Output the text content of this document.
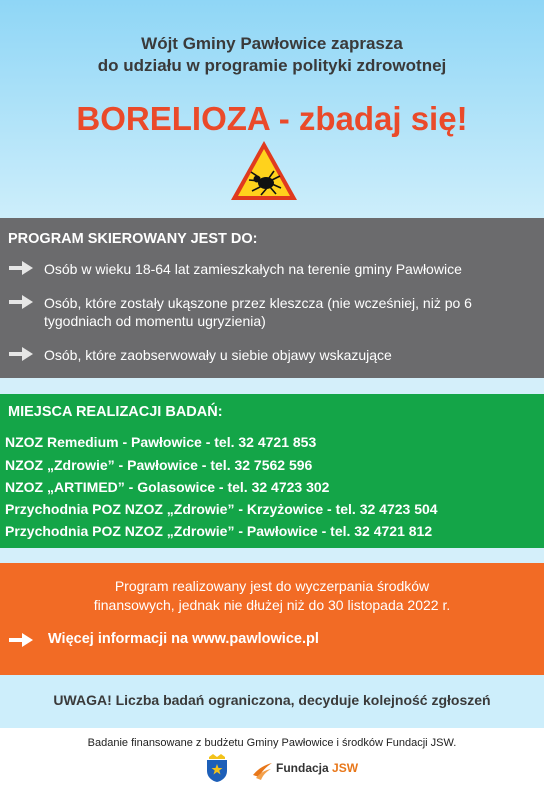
Wójt Gminy Pawłowice zaprasza
do udziału w programie polityki zdrowotnej
BORELIOZA - zbadaj się!
PROGRAM SKIEROWANY JEST DO:
Osób w wieku 18-64 lat zamieszkałych na terenie gminy Pawłowice
Osób, które zostały ukąszone przez kleszcza (nie wcześniej, niż po 6 tygodniach od momentu ugryzienia)
Osób, które zaobserwowały u siebie objawy wskazujące
MIEJSCA REALIZACJI BADAŃ:
NZOZ Remedium - Pawłowice - tel. 32 4721 853
NZOZ „Zdrowie” - Pawłowice - tel. 32 7562 596
NZOZ „ARTIMED” - Golasowice - tel. 32 4723 302
Przychodnia POZ NZOZ „Zdrowie” - Krzyżowice - tel. 32 4723 504
Przychodnia POZ NZOZ „Zdrowie” - Pawłowice - tel. 32 4721 812
Program realizowany jest do wyczerpania środków
finansowych, jednak nie dłużej niż do 30 listopada 2022 r.
Więcej informacji na www.pawlowice.pl
UWAGA! Liczba badań ograniczona, decyduje kolejność zgłoszeń
Badanie finansowane z budżetu Gminy Pawłowice i środków Fundacji JSW.
Fundacja JSW
